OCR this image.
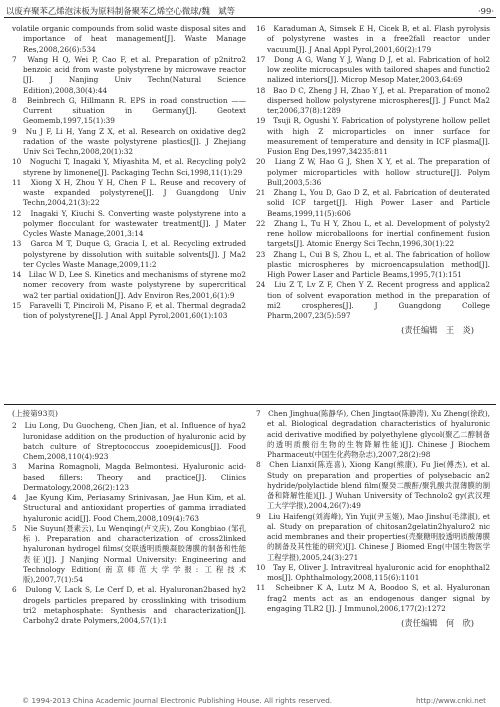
以废弃聚苯乙烯泡沫板为原料制备聚苯乙烯空心微球/魏　斌等	·99·

volatile organic compounds from solid waste disposal sites and importance of heat management[J]. Waste Manage Res,2008,26(6):534

7　Wang H Q, Wei P, Cao F, et al. Preparation of p2nitro2 benzoic acid from waste polystyrene by microwave reactor [J]. J Nanjing Univ Techn(Natural Science Edition),2008,30(4):44

8　Beinbrech G, Hillmann R. EPS in road construction —— Current situation in Germany[J]. Geotext Geomemb,1997,15(1):39

9　Nu J F, Li H, Yang Z X, et al. Research on oxidative deg2 radation of the waste polystyrene plastics[J]. J Zhejiang Univ Sci Techn,2008,20(1):32

10　Noguchi T, Inagaki Y, Miyashita M, et al. Recycling poly2 styrene by limonene[J]. Packaging Techn Sci,1998,11(1):29

11　Xiong X H, Zhou Y H, Chen F L. Reuse and recovery of waste expanded polystyrene[J]. J Guangdong Univ Techn,2004,21(3):22

12　Inagaki Y, Kiuchi S. Converting waste polystyrene into a polymer flocculant for wastewater treatment[J]. J Mater Cycles Waste Manage,2001,3:14

13　Garca M T, Duque G, Gracia I, et al. Recycling extruded polystyrene by dissolution with suitable solvents[J]. J Ma2 ter Cycles Waste Manage,2009,11:2

14　Lilac W D, Lee S. Kinetics and mechanisms of styrene mo2 nomer recovery from waste polystyrene by supercritical wa2 ter partial oxidation[J]. Adv Environ Res,2001,6(1):9

15　Faravelli T, Pinciroli M, Pisano F, et al. Thermal degrada2 tion of polystyrene[J]. J Anal Appl Pyrol,2001,60(1):103

16　Karaduman A, Simsek E H, Cicek B, et al. Flash pyrolysis of polystyrene wastes in a free2fall reactor under vacuum[J]. J Anal Appl Pyrol,2001,60(2):179

17　Dong A G, Wang Y J, Wang D J, et al. Fabrication of hol2 low zeolite microcapsules with tailored shapes and functio2 nalized interiors[J]. Microp Mesop Mater,2003,64:69

18　Bao D C, Zheng J H, Zhao Y J, et al. Preparation of mono2 dispersed hollow polystyrene microspheres[J]. J Funct Ma2 ter,2006,37(8):1289

19　Tsuji R, Ogushi Y. Fabrication of polystyrene hollow pellet with high Z microparticles on inner surface for measurement of temperature and density in ICF plasma[J]. Fusion Eng Des,1997,34235:811

20　Liang Z W, Hao G J, Shen X Y, et al. The preparation of polymer microparticles with hollow structure[J]. Polym Bull,2003,5:36

21　Zhang L, You D, Gao D Z, et al. Fabrication of deuterated solid ICF target[J]. High Power Laser and Particle Beams,1999,11(5):606

22　Zhang L, Tu H Y, Zhou L, et al. Development of polysty2 rene hollow microballoons for inertial confinement fusion targets[J]. Atomic Energy Sci Techn,1996,30(1):22

23　Zhang L, Cui B S, Zhou L, et al. The fabrication of hollow plastic microspheres by microencapsulation method[J]. High Power Laser and Particle Beams,1995,7(1):151

24　Liu Z T, Lv Z F, Chen Y Z. Recent progress and applica2 tion of solvent evaporation method in the preparation of mi2 crospheres[J]. J Guangdong College Pharm,2007,23(5):597

(责任编辑　王　炎)

(上接第93页)

2　Liu Long, Du Guocheng, Chen Jian, et al. Influence of hya2 luronidase addition on the production of hyaluronic acid by batch culture of Streptococcus zooepidemicus[J]. Food Chem,2008,110(4):923

3　Marina Romagnoli, Magda Belmontesi. Hyaluronic acid-based fillers: Theory and practice[J]. Clinics Dermatology,2008,26(2):123

4　Jae Kyung Kim, Periasamy Srinivasan, Jae Hun Kim, et al. Structural and antioxidant properties of gamma irradiated hyaluronic acid[J]. Food Chem,2008,109(4):763

5　Nie Suyun(聂素云), Lu Wenqing(卢文庆), Zou Kongbiao (邹孔标). Preparation and characterization of cross2linked hyaluronan hydrogel films(交联透明质酸凝胶薄膜的制备和性能表征)[J]. J Nanjing Normal University: Engineering and Technology Edition(南京师范大学学报: 工程技术版),2007,7(1):54

6　Dulong V, Lack S, Le Cerf D, et al. Hyaluronan2based hy2 drogels particles prepared by crosslinking with trisodium tri2 metaphosphate: Synthesis and characterization[J]. Carbohy2 drate Polymers,2004,57(1):1

7　Chen Jinghua(陈静华), Chen Jingtao(陈静涛), Xu Zheng(徐政), et al. Biological degradation characteristics of hyaluronic acid derivative modified by polyethylene glycol(聚乙二醇制备的透明质酸衍生物的生物降解性能)[J]. Chinese J Biochem Pharmaceut(中国生化药物杂志),2007,28(2):98

8　Chen Lianxi(陈连喜), Xiong Kang(熊康), Fu Jie(傅杰), et al. Study on preparation and properties of polysebacic an2 hydride/polylactide blend film(聚癸二酸酐/聚乳酸共混薄膜的制备和降解性能)[J]. J Wuhan University of Technolo2 gy(武汉理工大学学报),2004,26(7):49

9　Liu Haifeng(刘海峰), Yin Yuji(尹玉姬), Mao Jinshu(毛津淑), et al. Study on preparation of chitosan2gelatin2hyaluro2 nic acid membranes and their properties(壳聚糖明胶透明质酸薄膜的制备及其性能的研究)[J]. Chinese J Biomed Eng(中国生物医学工程学报),2005,24(3):271

10　Tay E, Oliver J. Intravitreal hyaluronic acid for enophthal2 mos[J]. Ophthalmology,2008,115(6):1101

11　Scheibner K A, Lutz M A, Boodoo S, et al. Hyaluronan frag2 ments act as an endogenous danger signal by engaging TLR2 [J]. J Immunol,2006,177(2):1272

(责任编辑　何　欣)
© 1994-2013 China Academic Journal Electronic Publishing House. All rights reserved.	http://www.cnki.net
